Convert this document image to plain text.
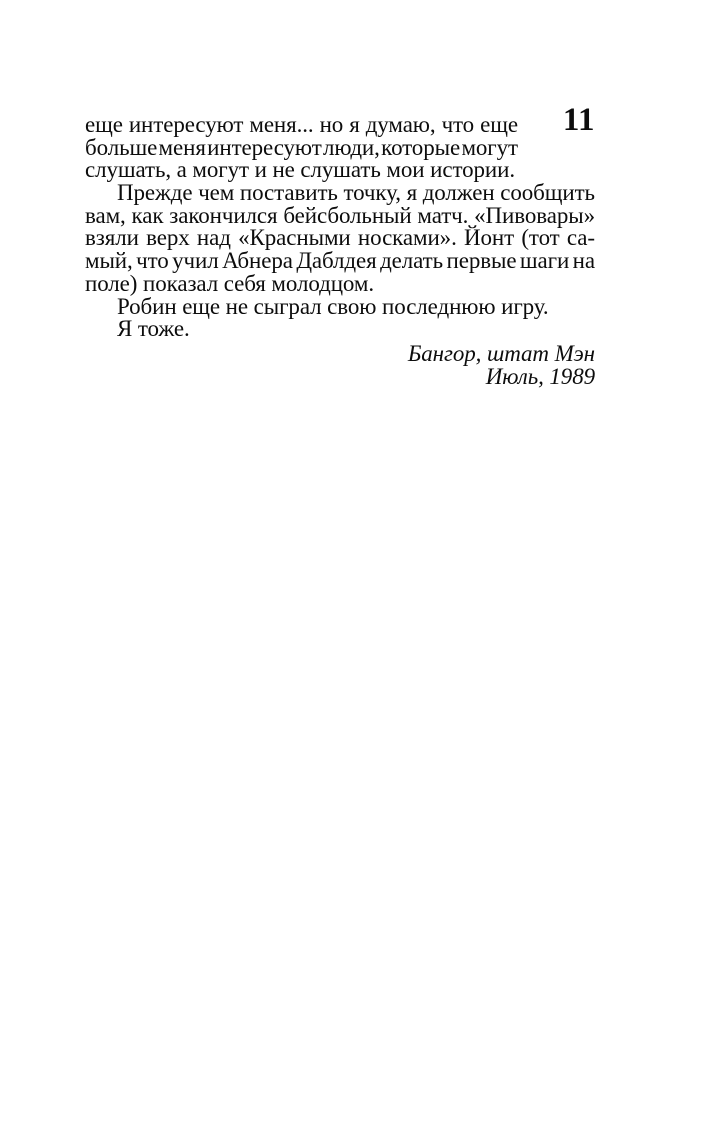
11
еще интересуют меня... но я думаю, что еще
больше меня интересуют люди, которые могут
слушать, а могут и не слушать мои истории.
Прежде чем поставить точку, я должен сообщить
вам, как закончился бейсбольный матч. «Пивовары»
взяли верх над «Красными носками». Йонт (тот са-
мый, что учил Абнера Даблдея делать первые шаги на
поле) показал себя молодцом.
Робин еще не сыграл свою последнюю игру.
Я тоже.
Бангор, штат Мэн
Июль, 1989
